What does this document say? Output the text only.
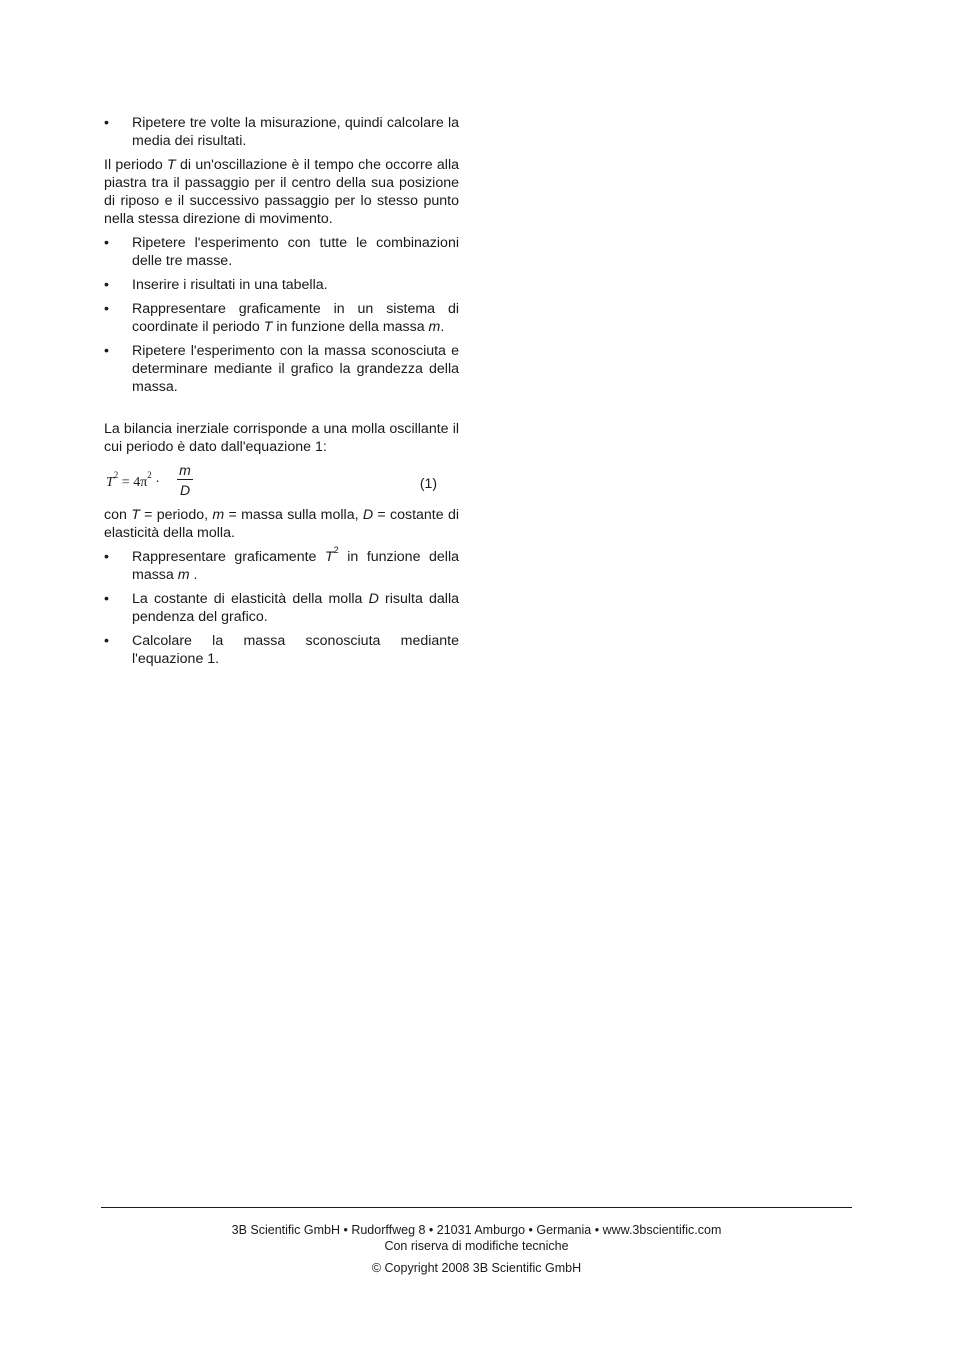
• Ripetere tre volte la misurazione, quindi calcolare la media dei risultati.

Il periodo T di un'oscillazione è il tempo che occorre alla piastra tra il passaggio per il centro della sua posizione di riposo e il successivo passaggio per lo stesso punto nella stessa direzione di movimento.

• Ripetere l'esperimento con tutte le combinazioni delle tre masse.
• Inserire i risultati in una tabella.
• Rappresentare graficamente in un sistema di coordinate il periodo T in funzione della massa m.
• Ripetere l'esperimento con la massa sconosciuta e determinare mediante il grafico la grandezza della massa.

La bilancia inerziale corrisponde a una molla oscillante il cui periodo è dato dall'equazione 1:

$T^2 = 4\pi^2$ ·
m
D	(1)

con T = periodo, m = massa sulla molla, D = costante di elasticità della molla.

• Rappresentare graficamente $T^2$ in funzione della massa m .
• La costante di elasticità della molla D risulta dalla pendenza del grafico.
• Calcolare la massa sconosciuta mediante l'equazione 1.
3B Scientific GmbH • Rudorffweg 8 • 21031 Amburgo • Germania • www.3bscientific.com
Con riserva di modifiche tecniche
© Copyright 2008 3B Scientific GmbH
